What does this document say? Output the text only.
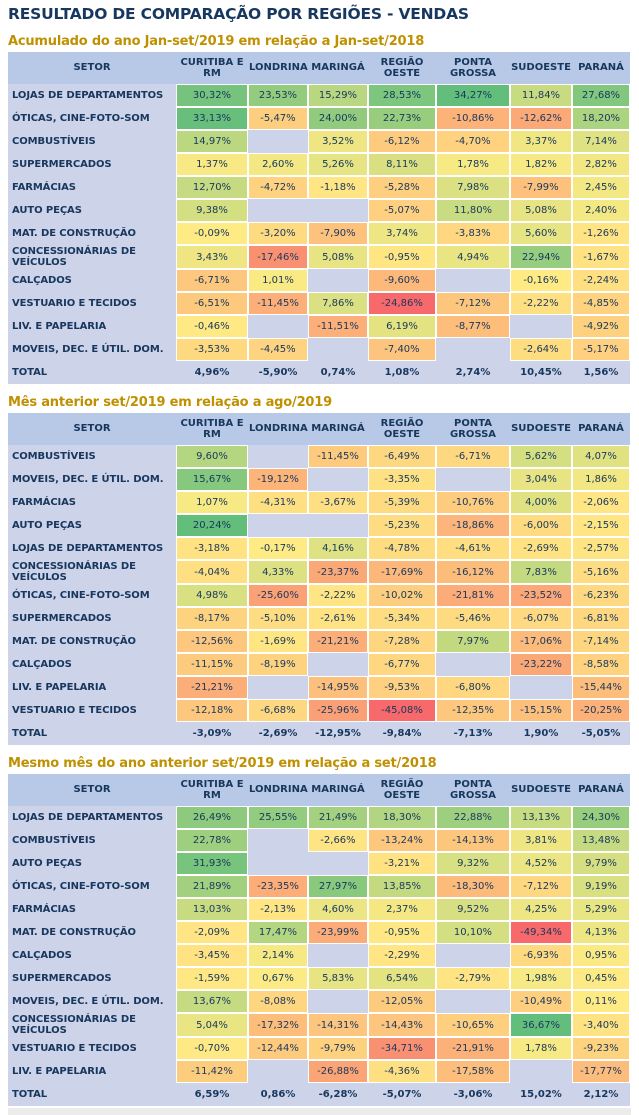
RESULTADO DE COMPARAÇÃO POR REGIÕES - VENDAS
Acumulado do ano Jan-set/2019 em relação a Jan-set/2018
SETOR	CURITIBA E RM	LONDRINA	MARINGÁ	REGIÃO OESTE	PONTA GROSSA	SUDOESTE	PARANÁ
LOJAS DE DEPARTAMENTOS	30,32%	23,53%	15,29%	28,53%	34,27%	11,84%	27,68%
ÓTICAS, CINE-FOTO-SOM	33,13%	-5,47%	24,00%	22,73%	-10,86%	-12,62%	18,20%
COMBUSTÍVEIS	14,97%		3,52%	-6,12%	-4,70%	3,37%	7,14%
SUPERMERCADOS	1,37%	2,60%	5,26%	8,11%	1,78%	1,82%	2,82%
FARMÁCIAS	12,70%	-4,72%	-1,18%	-5,28%	7,98%	-7,99%	2,45%
AUTO PEÇAS	9,38%			-5,07%	11,80%	5,08%	2,40%
MAT. DE CONSTRUÇÃO	-0,09%	-3,20%	-7,90%	3,74%	-3,83%	5,60%	-1,26%
CONCESSIONÁRIAS DE VEÍCULOS	3,43%	-17,46%	5,08%	-0,95%	4,94%	22,94%	-1,67%
CALÇADOS	-6,71%	1,01%		-9,60%		-0,16%	-2,24%
VESTUARIO E TECIDOS	-6,51%	-11,45%	7,86%	-24,86%	-7,12%	-2,22%	-4,85%
LIV. E PAPELARIA	-0,46%		-11,51%	6,19%	-8,77%		-4,92%
MOVEIS, DEC. E ÚTIL. DOM.	-3,53%	-4,45%		-7,40%		-2,64%	-5,17%
TOTAL	4,96%	-5,90%	0,74%	1,08%	2,74%	10,45%	1,56%
Mês anterior set/2019 em relação a ago/2019
SETOR	CURITIBA E RM	LONDRINA	MARINGÁ	REGIÃO OESTE	PONTA GROSSA	SUDOESTE	PARANÁ
COMBUSTÍVEIS	9,60%		-11,45%	-6,49%	-6,71%	5,62%	4,07%
MOVEIS, DEC. E ÚTIL. DOM.	15,67%	-19,12%		-3,35%		3,04%	1,86%
FARMÁCIAS	1,07%	-4,31%	-3,67%	-5,39%	-10,76%	4,00%	-2,06%
AUTO PEÇAS	20,24%			-5,23%	-18,86%	-6,00%	-2,15%
LOJAS DE DEPARTAMENTOS	-3,18%	-0,17%	4,16%	-4,78%	-4,61%	-2,69%	-2,57%
CONCESSIONÁRIAS DE VEÍCULOS	-4,04%	4,33%	-23,37%	-17,69%	-16,12%	7,83%	-5,16%
ÓTICAS, CINE-FOTO-SOM	4,98%	-25,60%	-2,22%	-10,02%	-21,81%	-23,52%	-6,23%
SUPERMERCADOS	-8,17%	-5,10%	-2,61%	-5,34%	-5,46%	-6,07%	-6,81%
MAT. DE CONSTRUÇÃO	-12,56%	-1,69%	-21,21%	-7,28%	7,97%	-17,06%	-7,14%
CALÇADOS	-11,15%	-8,19%		-6,77%		-23,22%	-8,58%
LIV. E PAPELARIA	-21,21%		-14,95%	-9,53%	-6,80%		-15,44%
VESTUARIO E TECIDOS	-12,18%	-6,68%	-25,96%	-45,08%	-12,35%	-15,15%	-20,25%
TOTAL	-3,09%	-2,69%	-12,95%	-9,84%	-7,13%	1,90%	-5,05%
Mesmo mês do ano anterior set/2019 em relação a set/2018
SETOR	CURITIBA E RM	LONDRINA	MARINGÁ	REGIÃO OESTE	PONTA GROSSA	SUDOESTE	PARANÁ
LOJAS DE DEPARTAMENTOS	26,49%	25,55%	21,49%	18,30%	22,88%	13,13%	24,30%
COMBUSTÍVEIS	22,78%		-2,66%	-13,24%	-14,13%	3,81%	13,48%
AUTO PEÇAS	31,93%			-3,21%	9,32%	4,52%	9,79%
ÓTICAS, CINE-FOTO-SOM	21,89%	-23,35%	27,97%	13,85%	-18,30%	-7,12%	9,19%
FARMÁCIAS	13,03%	-2,13%	4,60%	2,37%	9,52%	4,25%	5,29%
MAT. DE CONSTRUÇÃO	-2,09%	17,47%	-23,99%	-0,95%	10,10%	-49,34%	4,13%
CALÇADOS	-3,45%	2,14%		-2,29%		-6,93%	0,95%
SUPERMERCADOS	-1,59%	0,67%	5,83%	6,54%	-2,79%	1,98%	0,45%
MOVEIS, DEC. E ÚTIL. DOM.	13,67%	-8,08%		-12,05%		-10,49%	0,11%
CONCESSIONÁRIAS DE VEÍCULOS	5,04%	-17,32%	-14,31%	-14,43%	-10,65%	36,67%	-3,40%
VESTUARIO E TECIDOS	-0,70%	-12,44%	-9,79%	-34,71%	-21,91%	1,78%	-9,23%
LIV. E PAPELARIA	-11,42%		-26,88%	-4,36%	-17,58%		-17,77%
TOTAL	6,59%	0,86%	-6,28%	-5,07%	-3,06%	15,02%	2,12%
